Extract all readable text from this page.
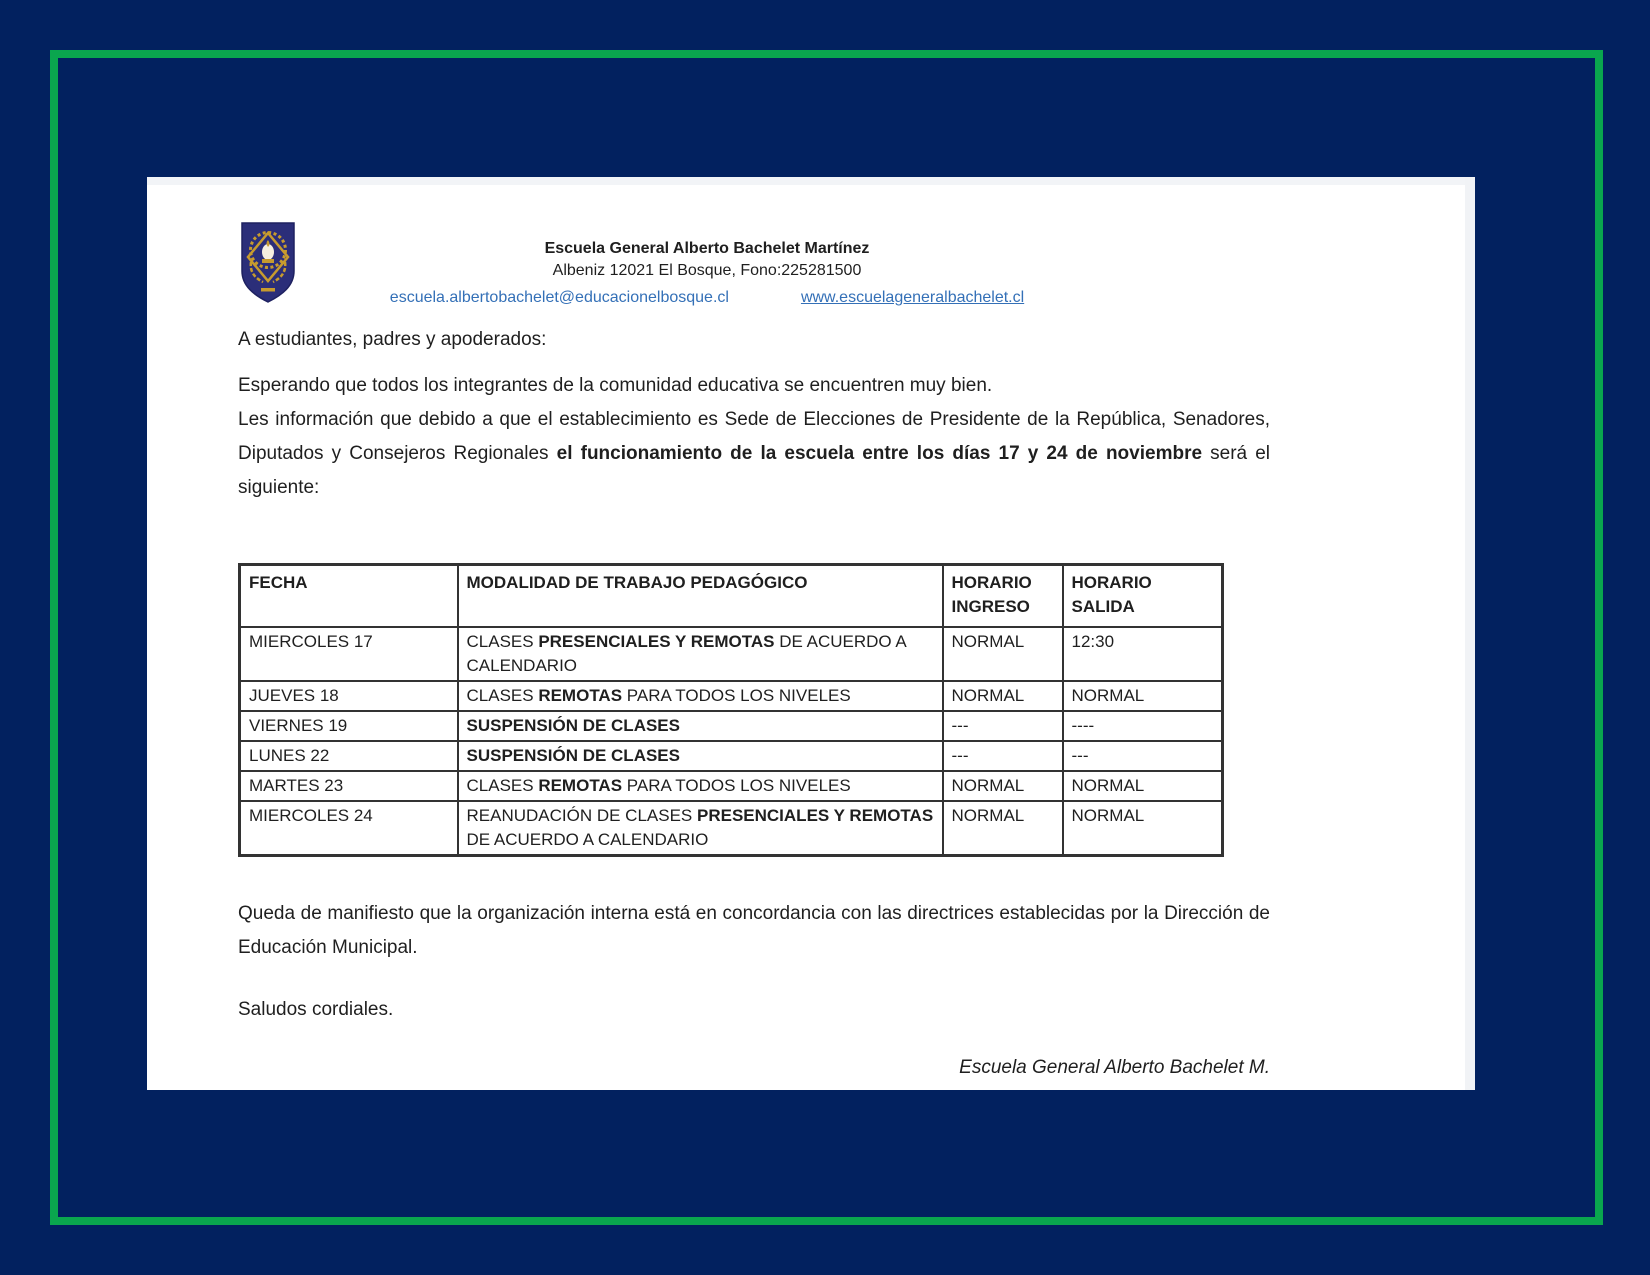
Escuela General Alberto Bachelet Martínez
Albeniz 12021 El Bosque, Fono:225281500
escuela.albertobachelet@educacionelbosque.cl	www.escuelageneralbachelet.cl
A estudiantes, padres y apoderados:

Esperando que todos los integrantes de la comunidad educativa se encuentren muy bien.

Les información que debido a que el establecimiento es Sede de Elecciones de Presidente de la República, Senadores, Diputados y Consejeros Regionales el funcionamiento de la escuela entre los días 17 y 24 de noviembre será el siguiente:

FECHA	MODALIDAD DE TRABAJO PEDAGÓGICO	HORARIO INGRESO	HORARIO SALIDA
MIERCOLES 17	CLASES PRESENCIALES Y REMOTAS DE ACUERDO A CALENDARIO	NORMAL	12:30
JUEVES 18	CLASES REMOTAS PARA TODOS LOS NIVELES	NORMAL	NORMAL
VIERNES 19	SUSPENSIÓN DE CLASES	---	----
LUNES 22	SUSPENSIÓN DE CLASES	---	---
MARTES 23	CLASES REMOTAS PARA TODOS LOS NIVELES	NORMAL	NORMAL
MIERCOLES 24	REANUDACIÓN DE CLASES PRESENCIALES Y REMOTAS DE ACUERDO A CALENDARIO	NORMAL	NORMAL
Queda de manifiesto que la organización interna está en concordancia con las directrices establecidas por la Dirección de Educación Municipal.
Saludos cordiales.
Escuela General Alberto Bachelet M.
